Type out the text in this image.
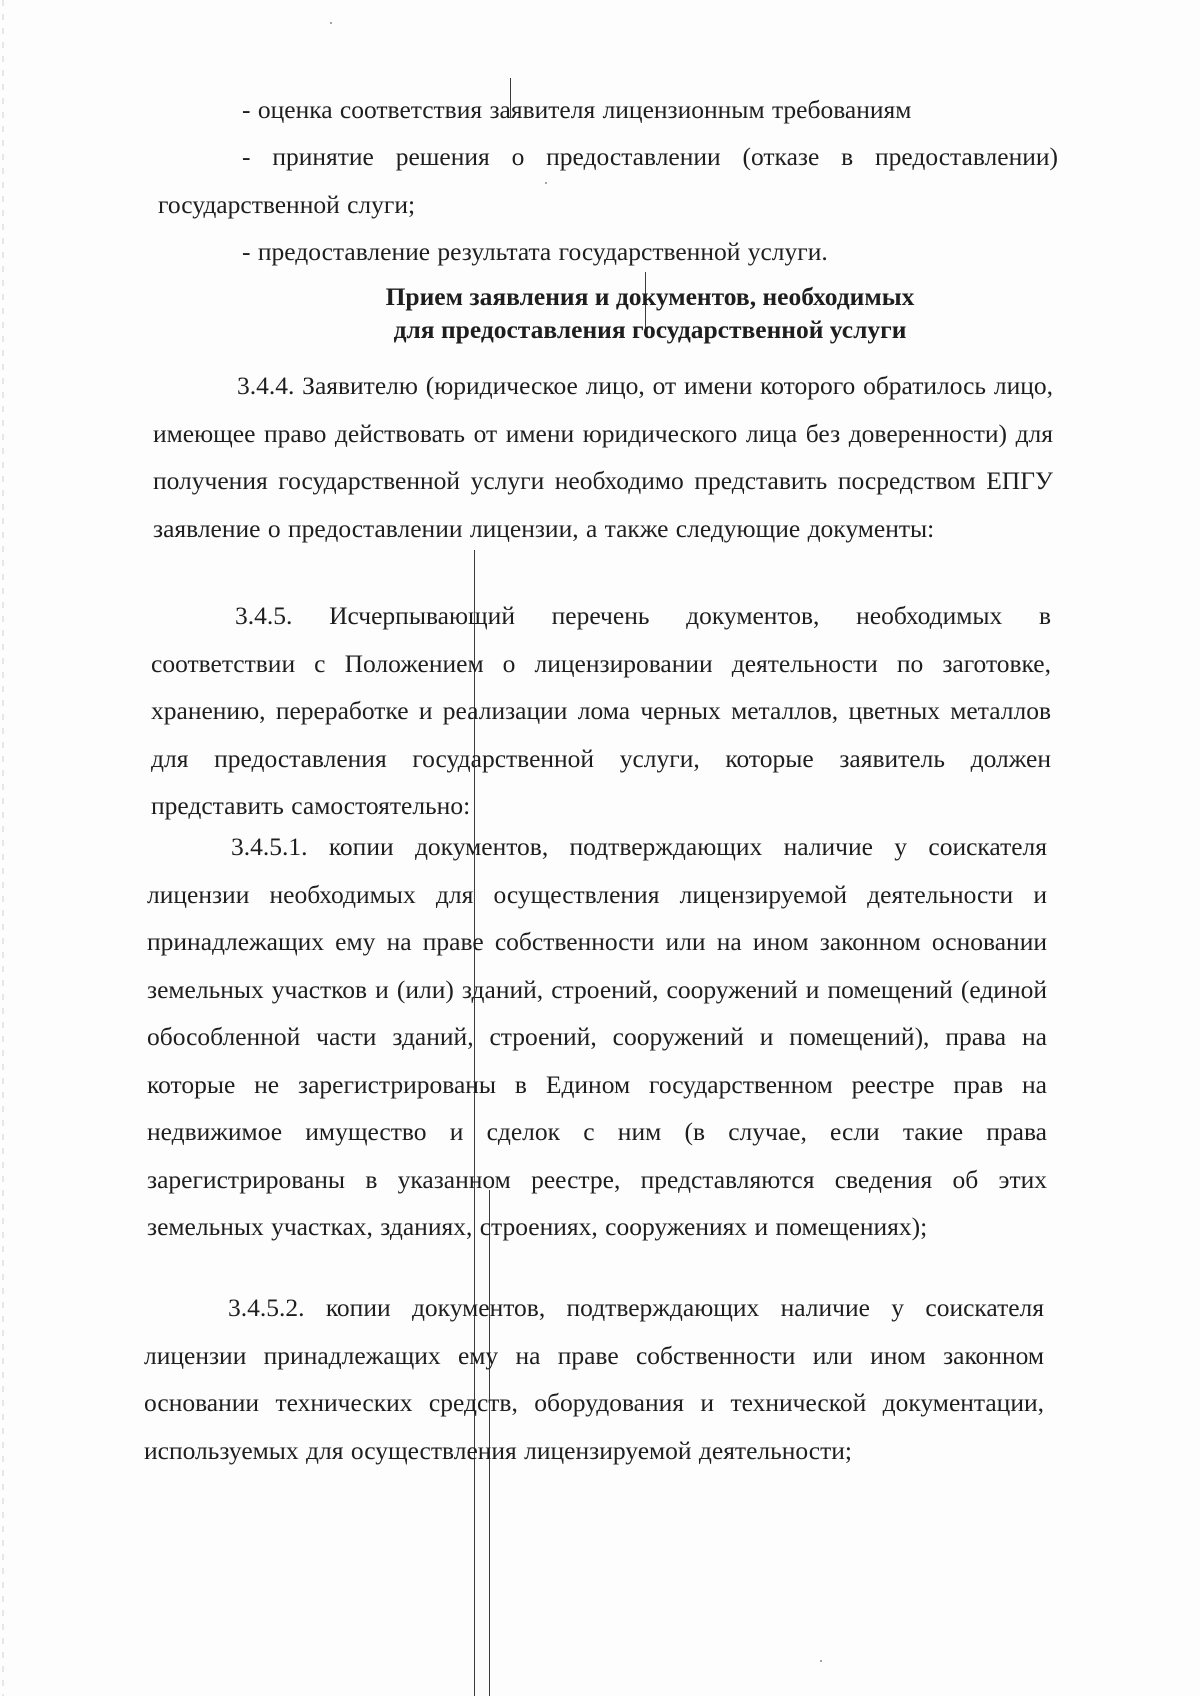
- оценка соответствия заявителя лицензионным требованиям
- принятие решения о предоставлении (отказе в предоставлении) государственной слуги;
- предоставление результата государственной услуги.
Прием заявления и документов, необходимых
для предоставления государственной услуги
3.4.4. Заявителю (юридическое лицо, от имени которого обратилось лицо, имеющее право действовать от имени юридического лица без доверенности) для получения государственной услуги необходимо представить посредством ЕПГУ заявление о предоставлении лицензии, а также следующие документы:
3.4.5. Исчерпывающий перечень документов, необходимых в соответствии с Положением о лицензировании деятельности по заготовке, хранению, переработке и реализации лома черных металлов, цветных металлов для предоставления государственной услуги, которые заявитель должен представить самостоятельно:
3.4.5.1. копии документов, подтверждающих наличие у соискателя лицензии необходимых для осуществления лицензируемой деятельности и принадлежащих ему на праве собственности или на ином законном основании земельных участков и (или) зданий, строений, сооружений и помещений (единой обособленной части зданий, строений, сооружений и помещений), права на которые не зарегистрированы в Едином государственном реестре прав на недвижимое имущество и сделок с ним (в случае, если такие права зарегистрированы в указанном реестре, представляются сведения об этих земельных участках, зданиях, строениях, сооружениях и помещениях);
3.4.5.2. копии документов, подтверждающих наличие у соискателя лицензии принадлежащих ему на праве собственности или ином законном основании технических средств, оборудования и технической документации, используемых для осуществления лицензируемой деятельности;
